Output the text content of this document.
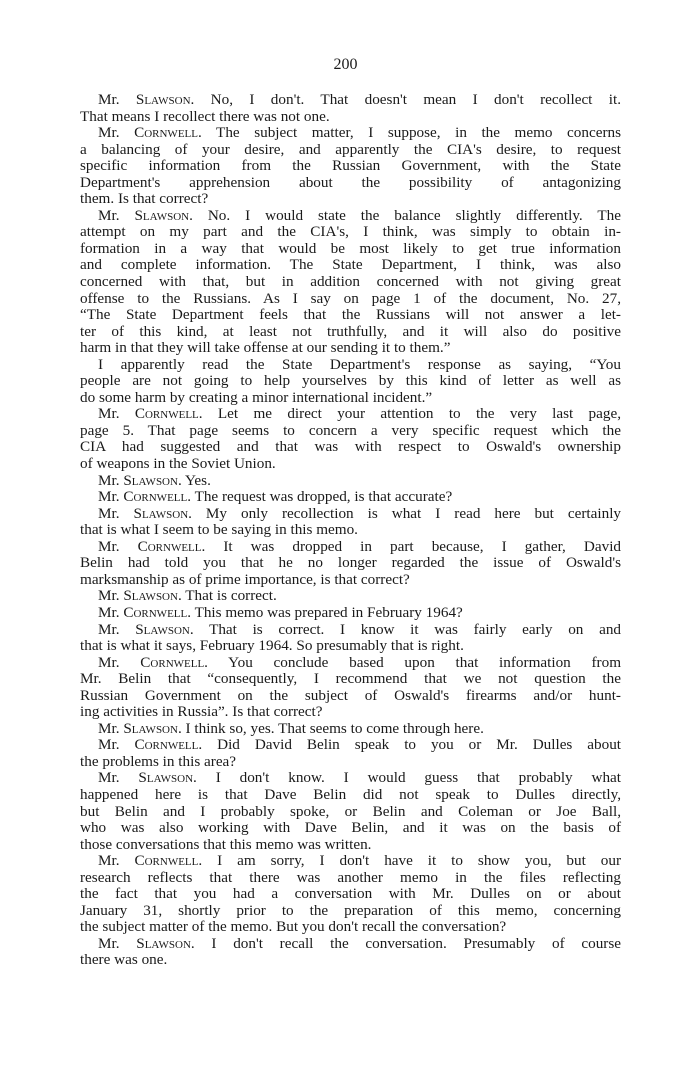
200
Mr. Slawson. No, I don't. That doesn't mean I don't recollect it.
That means I recollect there was not one.
Mr. Cornwell. The subject matter, I suppose, in the memo concerns
a balancing of your desire, and apparently the CIA's desire, to request
specific information from the Russian Government, with the State
Department's apprehension about the possibility of antagonizing
them. Is that correct?
Mr. Slawson. No. I would state the balance slightly differently. The
attempt on my part and the CIA's, I think, was simply to obtain in-
formation in a way that would be most likely to get true information
and complete information. The State Department, I think, was also
concerned with that, but in addition concerned with not giving great
offense to the Russians. As I say on page 1 of the document, No. 27,
“The State Department feels that the Russians will not answer a let-
ter of this kind, at least not truthfully, and it will also do positive
harm in that they will take offense at our sending it to them.”
I apparently read the State Department's response as saying, “You
people are not going to help yourselves by this kind of letter as well as
do some harm by creating a minor international incident.”
Mr. Cornwell. Let me direct your attention to the very last page,
page 5. That page seems to concern a very specific request which the
CIA had suggested and that was with respect to Oswald's ownership
of weapons in the Soviet Union.
Mr. Slawson. Yes.
Mr. Cornwell. The request was dropped, is that accurate?
Mr. Slawson. My only recollection is what I read here but certainly
that is what I seem to be saying in this memo.
Mr. Cornwell. It was dropped in part because, I gather, David
Belin had told you that he no longer regarded the issue of Oswald's
marksmanship as of prime importance, is that correct?
Mr. Slawson. That is correct.
Mr. Cornwell. This memo was prepared in February 1964?
Mr. Slawson. That is correct. I know it was fairly early on and
that is what it says, February 1964. So presumably that is right.
Mr. Cornwell. You conclude based upon that information from
Mr. Belin that “consequently, I recommend that we not question the
Russian Government on the subject of Oswald's firearms and/or hunt-
ing activities in Russia”. Is that correct?
Mr. Slawson. I think so, yes. That seems to come through here.
Mr. Cornwell. Did David Belin speak to you or Mr. Dulles about
the problems in this area?
Mr. Slawson. I don't know. I would guess that probably what
happened here is that Dave Belin did not speak to Dulles directly,
but Belin and I probably spoke, or Belin and Coleman or Joe Ball,
who was also working with Dave Belin, and it was on the basis of
those conversations that this memo was written.
Mr. Cornwell. I am sorry, I don't have it to show you, but our
research reflects that there was another memo in the files reflecting
the fact that you had a conversation with Mr. Dulles on or about
January 31, shortly prior to the preparation of this memo, concerning
the subject matter of the memo. But you don't recall the conversation?
Mr. Slawson. I don't recall the conversation. Presumably of course
there was one.
